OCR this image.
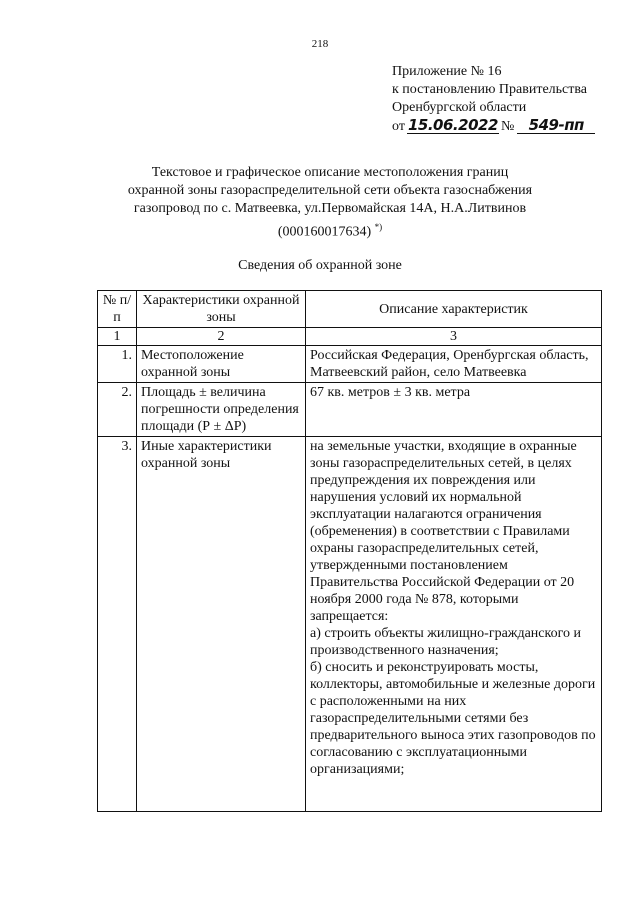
218
Приложение № 16
к постановлению Правительства
Оренбургской области
от 15.06.2022 № 549-пп
Текстовое и графическое описание местоположения границ
охранной зоны газораспределительной сети объекта газоснабжения
газопровод по с. Матвеевка, ул.Первомайская 14А, Н.А.Литвинов
(000160017634) *)
Сведения об охранной зоне
№ п/п	Характеристики охранной зоны	Описание характеристик
1	2	3
1.	Местоположение охранной зоны	Российская Федерация, Оренбургская область, Матвеевский район, село Матвеевка

2.	Площадь ± величина погрешности определения площади (Р ± ΔР)	67 кв. метров ± 3 кв. метра

3.	Иные характеристики охранной зоны	на земельные участки, входящие в охранные зоны газораспределительных сетей, в целях предупреждения их повреждения или нарушения условий их нормальной эксплуатации налагаются ограничения (обременения) в соответствии с Правилами охраны газораспределительных сетей, утвержденными постановлением Правительства Российской Федерации от 20 ноября 2000 года № 878, которыми запрещается:
а) строить объекты жилищно-гражданского и производственного назначения;
б) сносить и реконструировать мосты, коллекторы, автомобильные и железные дороги с расположенными на них газораспределительными сетями без предварительного выноса этих газопроводов по согласованию с эксплуатационными организациями;
